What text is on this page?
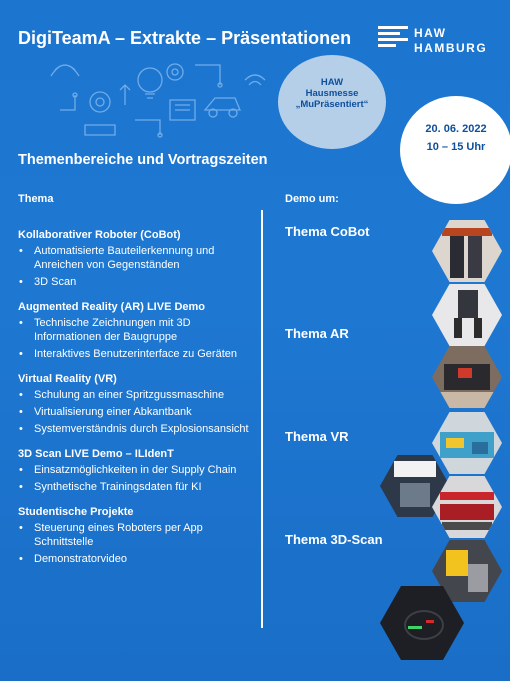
DigiTeamA – Extrakte – Präsentationen	HAW
HAMBURG
HAW
Hausmesse
„MuPräsentiert“
20. 06. 2022
10 – 15 Uhr
Themenbereiche und Vortragszeiten
Thema	Demo um:
Kollaborativer Roboter (CoBot)
• Automatisierte Bauteilerkennung und Anreichen von Gegenständen
• 3D Scan
Augmented Reality (AR) LIVE Demo
• Technische Zeichnungen mit 3D Informationen der Baugruppe
• Interaktives Benutzerinterface zu Geräten
Virtual Reality (VR)
• Schulung an einer Spritzgussmaschine
• Virtualisierung einer Abkantbank
• Systemverständnis durch Explosionsansicht
3D Scan LIVE Demo – ILIdenT
• Einsatzmöglichkeiten in der Supply Chain
• Synthetische Trainingsdaten für KI
Studentische Projekte
• Steuerung eines Roboters per App Schnittstelle
• Demonstratorvideo
Thema CoBot
Thema AR
Thema VR
Thema 3D-Scan
